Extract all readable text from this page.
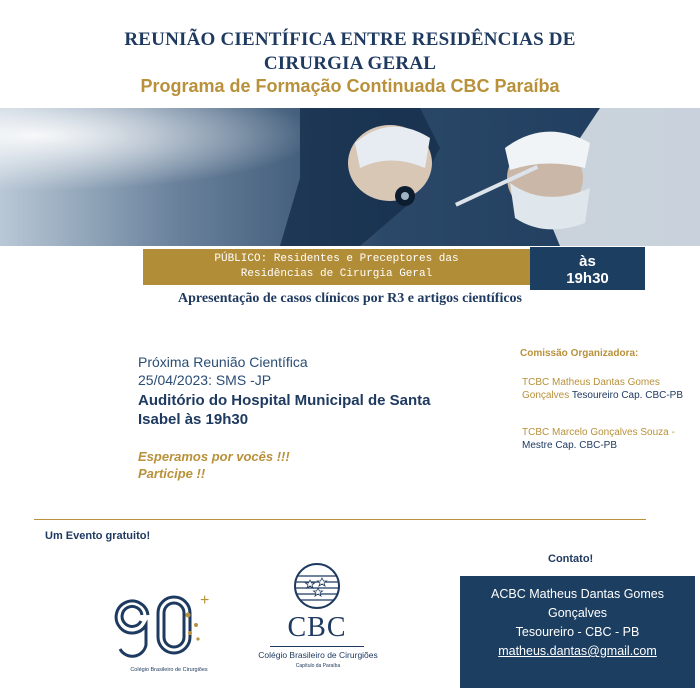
REUNIÃO CIENTÍFICA ENTRE RESIDÊNCIAS DE
CIRURGIA GERAL
Programa de Formação Continuada CBC Paraíba
PÚBLICO: Residentes e Preceptores das
Residências de Cirurgia Geral
às
19h30
Apresentação de casos clínicos por R3 e artigos científicos
Próxima Reunião Científica
25/04/2023: SMS -JP
Auditório do Hospital Municipal de Santa Isabel às 19h30
Esperamos por vocês !!!
Participe !!
Comissão Organizadora:
TCBC Matheus Dantas Gomes Gonçalves Tesoureiro Cap. CBC-PB
TCBC Marcelo Gonçalves Souza - Mestre Cap. CBC-PB
Um Evento gratuito!
+
Colégio Brasileiro de Cirurgiões
CBC
Colégio Brasileiro de Cirurgiões
Capítulo da Paraíba
Contato!
ACBC Matheus Dantas Gomes
Gonçalves
Tesoureiro - CBC - PB
matheus.dantas@gmail.com
